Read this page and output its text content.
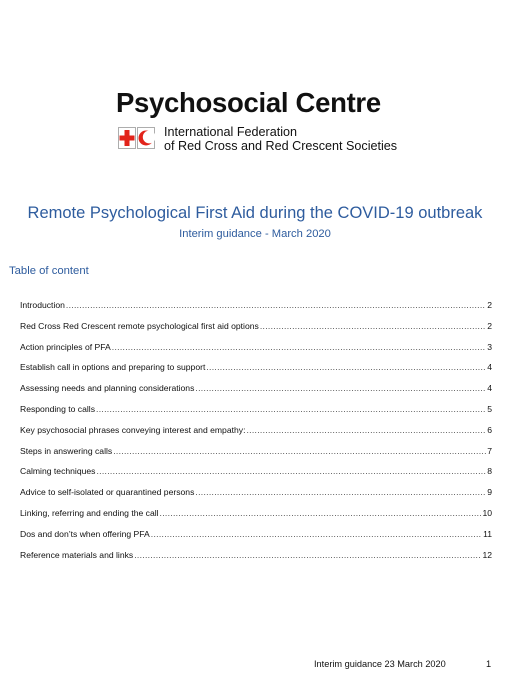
Psychosocial Centre
International Federation
of Red Cross and Red Crescent Societies
Remote Psychological First Aid during the COVID-19 outbreak
Interim guidance - March 2020
Table of content
Introduction .....	2
Red Cross Red Crescent remote psychological first aid options .....	2
Action principles of PFA .....	3
Establish call in options and preparing to support .....	4
Assessing needs and planning considerations .....	4
Responding to calls .....	5
Key psychosocial phrases conveying interest and empathy: .....	6
Steps in answering calls .....	7
Calming techniques .....	8
Advice to self-isolated or quarantined persons .....	9
Linking, referring and ending the call .....	10
Dos and don’ts when offering PFA .....	11
Reference materials and links .....	12
Interim guidance 23 March 2020	1
